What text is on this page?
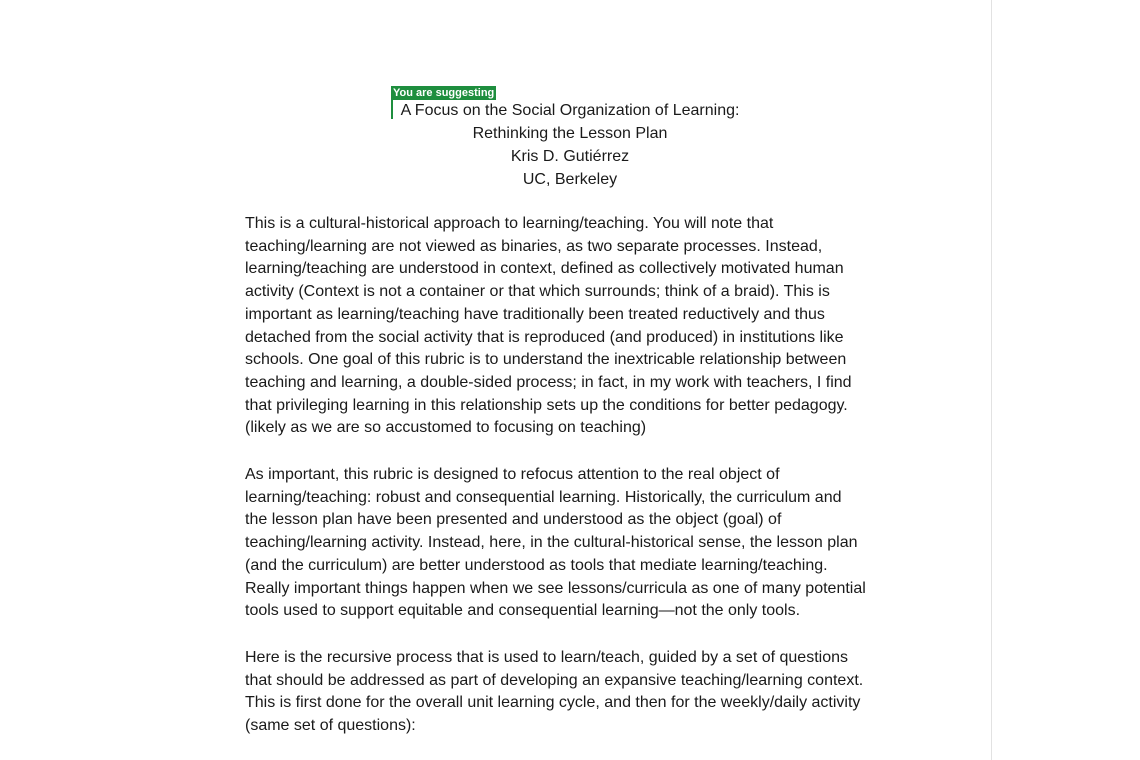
You are suggesting
A Focus on the Social Organization of Learning:
Rethinking the Lesson Plan
Kris D. Gutiérrez
UC, Berkeley
This is a cultural-historical approach to learning/teaching. You will note that
teaching/learning are not viewed as binaries, as two separate processes. Instead,
learning/teaching are understood in context, defined as collectively motivated human
activity (Context is not a container or that which surrounds; think of a braid). This is
important as learning/teaching have traditionally been treated reductively and thus
detached from the social activity that is reproduced (and produced) in institutions like
schools. One goal of this rubric is to understand the inextricable relationship between
teaching and learning, a double-sided process; in fact, in my work with teachers, I find
that privileging learning in this relationship sets up the conditions for better pedagogy.
(likely as we are so accustomed to focusing on teaching)
As important, this rubric is designed to refocus attention to the real object of
learning/teaching: robust and consequential learning. Historically, the curriculum and
the lesson plan have been presented and understood as the object (goal) of
teaching/learning activity. Instead, here, in the cultural-historical sense, the lesson plan
(and the curriculum) are better understood as tools that mediate learning/teaching.
Really important things happen when we see lessons/curricula as one of many potential
tools used to support equitable and consequential learning—not the only tools.
Here is the recursive process that is used to learn/teach, guided by a set of questions
that should be addressed as part of developing an expansive teaching/learning context.
This is first done for the overall unit learning cycle, and then for the weekly/daily activity
(same set of questions):
